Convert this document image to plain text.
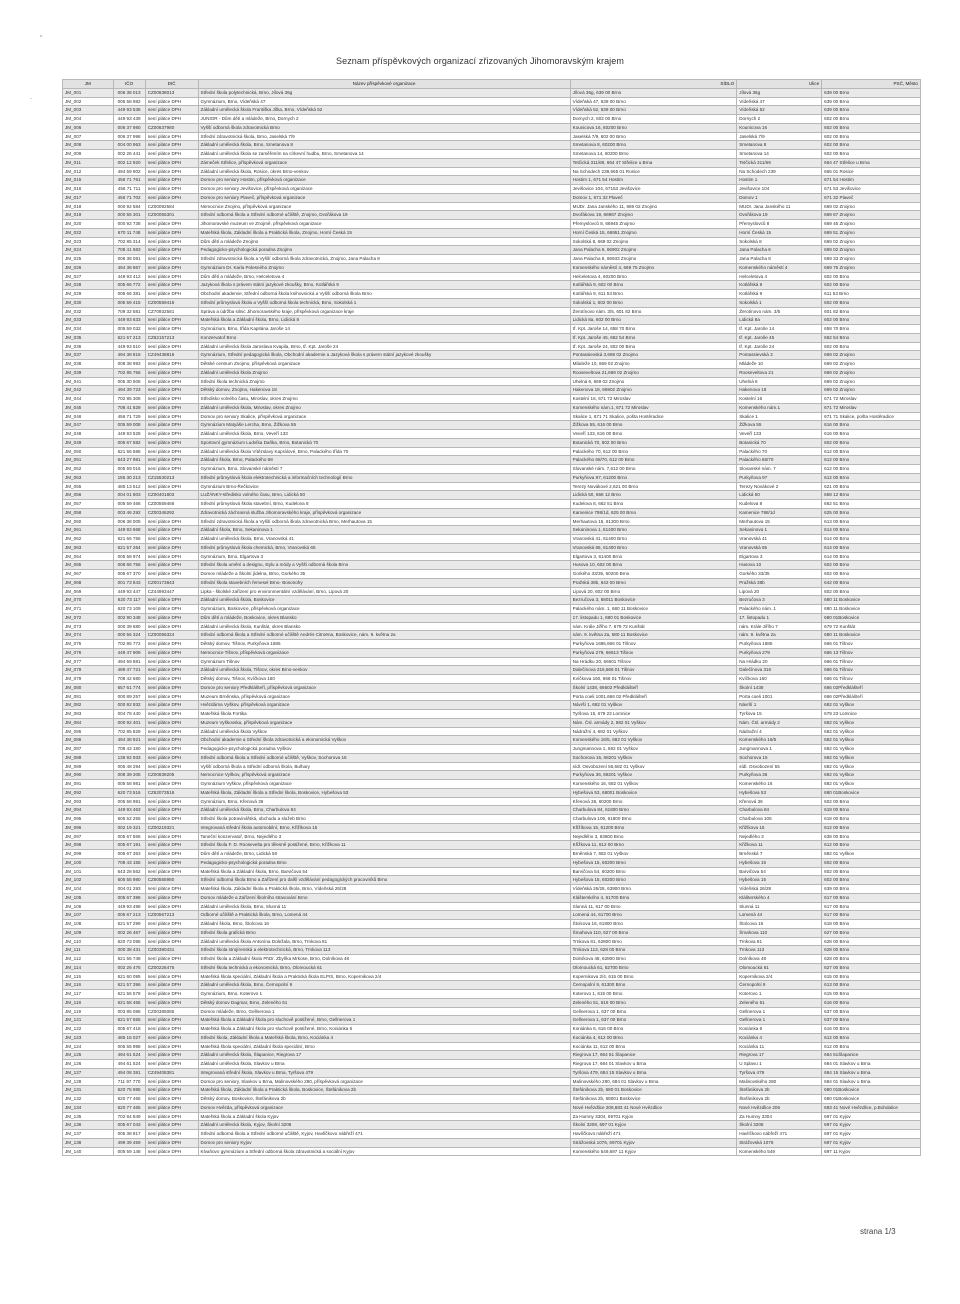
-
Seznam příspěvkových organizací zřizovaných Jihomoravským krajem
JM	IČO	DIČ	Název příspěvkové organizace	SÍDLO	Ulice	PSČ, Město
JM_001	006 38 013	CZ00638013	Střední škola polytechnická, Brno, Jílová 36g	Jílová 36g, 639 00 Brno	Jílová 36g	639 00 Brno
JM_002	005 58 982	není plátce DPH	Gymnázium, Brno, Vídeňská 47	Vídeňská 47, 639 00 Brno	Vídeňská 47	639 00 Brno
JM_003	449 93 536	není plátce DPH	Základní umělecká škola Františka Jílka, Brno, Vídeňská 52	Vídeňská 52, 639 00 Brno	Vídeňská 52	639 00 Brno
JM_004	449 93 439	není plátce DPH	JUNIOR - Dům dětí a mládeže, Brno, Dornych 2	Dornych 2, 602 00 Brno	Dornych 2	602 00 Brno
JM_006	006 37 980	CZ00637980	Vyšší odborná škola zdravotnická Brno	Kounicova 16, 60200 Brno	Kounicova 16	602 00 Brno
JM_007	006 37 998	není plátce DPH	Střední zdravotnická škola, Brno, Jaselská 7/9	Jaselská 7/9, 602 00 Brno	Jaselská 7/9	602 00 Brno
JM_008	004 00 963	není plátce DPH	Základní umělecká škola, Brno, Smetanova 8	Smetanova 8, 60200 Brno	Smetanova 8	602 00 Brno
JM_009	002 26 441	není plátce DPH	Základní umělecká škola se zaměřením na církevní hudbu, Brno, Smetanova 14	Smetanova 14, 60200 Brno	Smetanova 14	602 00 Brno
JM_011	002 12 920	není plátce DPH	Zámeček Střelice, příspěvková organizace	Tetčická 311/69, 664 47 Střelice u Brna	Tetčická 311/69	664 47 Střelice u Brna
JM_012	494 59 902	není plátce DPH	Základní umělecká škola, Rosice, okres Brno-venkov	Na Schodech 239,665 01 Rosice	Na Schodech 239	665 01 Rosice
JM_015	456 71 761	není plátce DPH	Domov pro seniory Hostim, příspěvková organizace	Hostim 1, 671 54 Hostim	Hostim 1	671 54 Hostim
JM_016	456 71 711	není plátce DPH	Domov pro seniory Jevišovice, příspěvková organizace	Jevišovice 104, 67153 Jevišovice	Jevišovice 104	671 53 Jevišovice
JM_017	456 71 702	není plátce DPH	Domov pro seniory Plaveč, příspěvková organizace	Domov 1, 671 32 Plaveč	Domov 1	671 32 Plaveč
JM_018	000 92 584	CZ00092584	Nemocnice Znojmo, příspěvková organizace	MUDr. Jana Janského 11, 669 02 Znojmo	MUDr. Jana Janského 11	669 02 Znojmo
JM_019	000 55 301	CZ00055301	Střední odborná škola a Střední odborné učiliště, Znojmo, Dvořákova 19	Dvořákova 19, 66967 Znojmo	Dvořákova 19	669 67 Znojmo
JM_020	000 92 738	není plátce DPH	Jihomoravské muzeum ve Znojmě, příspěvková organizace	Přemyslovců 8, 66945 Znojmo	Přemyslovců 8	669 45 Znojmo
JM_022	670 11 748	není plátce DPH	Mateřská škola, Základní škola a Praktická škola, Znojmo, Horní Česká 15	Horní Česká 15, 66951 Znojmo	Horní Česká 15	669 51 Znojmo
JM_023	702 85 314	není plátce DPH	Dům dětí a mládeže Znojmo	Sokolská 8, 669 02 Znojmo	Sokolská 8	669 02 Znojmo
JM_024	708 41 683	není plátce DPH	Pedagogicko-psychologická poradna Znojmo	Jana Palacha 6, 66902 Znojmo	Jana Palacha 6	669 02 Znojmo
JM_025	006 38 081	není plátce DPH	Střední zdravotnická škola a Vyšší odborná škola zdravotnická, Znojmo, Jana Palacha 8	Jana Palacha 8, 66933 Znojmo	Jana Palacha 8	669 33 Znojmo
JM_026	494 38 867	není plátce DPH	Gymnázium Dr. Karla Polesného Znojmo	Komenského náměstí 4, 669 75 Znojmo	Komenského náměstí 4	669 75 Znojmo
JM_027	449 93 412	není plátce DPH	Dům dětí a mládeže, Brno, Helceletova 4	Helceletova 4, 60200 Brno	Helceletova 4	602 00 Brno
JM_028	005 66 772	není plátce DPH	Jazyková škola s právem státní jazykové zkoušky, Brno, Kotlářská 9	Kotlářská 9, 602 00 Brno	Kotlářská 9	602 00 Brno
JM_029	005 66 381	není plátce DPH	Obchodní akademie, Střední odborná škola knihovnická a Vyšší odborná škola Brno	Kotlářská 9, 611 53 Brno	Kotlářská 9	611 53 Brno
JM_030	005 59 415	CZ00559415	Střední průmyslová škola a Vyšší odborná škola technická, Brno, Sokolská 1	Sokolská 1, 602 00 Brno	Sokolská 1	602 00 Brno
JM_032	709 32 581	CZ70932581	Správa a údržba silnic Jihomoravského kraje, příspěvková organizace kraje	Žerotínovo nám. 3/5, 601 82 Brno	Žerotínovo nám. 3/5	601 82 Brno
JM_033	449 93 633	není plátce DPH	Mateřská škola a Základní škola, Brno, Lidická 8	Lidická 8a, 602 00 Brno	Lidická 8a	602 00 Brno
JM_034	005 59 032	není plátce DPH	Gymnázium, Brno, třída Kapitána Jaroše 14	tř. Kpt. Jaroše 14, 658 70 Brno	tř. Kpt. Jaroše 14	658 70 Brno
JM_035	621 57 213	CZ62157213	Konzervatoř Brno	tř. Kpt. Jaroše 45, 662 54 Brno	tř. Kpt. Jaroše 45	662 54 Brno
JM_036	449 93 510	není plátce DPH	Základní umělecká škola Jaroslava Kvapila, Brno, tř. Kpt. Jaroše 24	tř. Kpt. Jaroše 24, 602 00 Brno	tř. Kpt. Jaroše 24	602 00 Brno
JM_037	494 38 816	CZ49438816	Gymnázium, Střední pedagogická škola, Obchodní akademie a Jazyková škola s právem státní jazykové zkoušky	Pontassievská 3,669 02 Znojmo	Pontassievská 3	669 02 Znojmo
JM_038	008 38 993	není plátce DPH	Dětské centrum Znojmo, příspěvková organizace	Mládeže 10, 669 02 Znojmo	Mládeže 10	669 02 Znojmo
JM_039	702 85 756	není plátce DPH	Základní umělecká škola Znojmo	Rooseveltova 21,669 02 Znojmo	Rooseveltova 21	669 02 Znojmo
JM_041	005 30 506	není plátce DPH	Střední škola technická Znojmo	Uhelná 6, 669 02 Znojmo	Uhelná 6	669 02 Znojmo
JM_042	494 39 723	není plátce DPH	Dětský domov, Znojmo, Hakenova 18	Hakenova 18, 66902 Znojmo	Hakenova 18	669 02 Znojmo
JM_044	702 85 306	není plátce DPH	Středisko volného času, Miroslav, okres Znojmo	Kostelní 16, 671 72 Miroslav	Kostelní 16	671 72 Miroslav
JM_045	708 41 829	není plátce DPH	Základní umělecká škola, Miroslav, okres Znojmo	Komenského nám.1, 671 72 Miroslav	Komenského nám.1	671 72 Miroslav
JM_046	456 71 729	není plátce DPH	Domov pro seniory Skalice, příspěvková organizace	Skalice 1, 671 71 Skalice, pošta Hostěradice	Skalice 1	671 71 Skalice, pošta Hostěradice
JM_047	005 59 008	není plátce DPH	Gymnázium Matyáše Lercha, Brno, Žižkova 55	Žižkova 55, 616 00 Brno	Žižkova 55	616 00 Brno
JM_048	449 93 528	není plátce DPH	Základní umělecká škola, Brno, Veveří 133	Veveří 133, 616 00 Brno	Veveří 133	616 00 Brno
JM_049	005 67 582	není plátce DPH	Sportovní gymnázium Ludvíka Daňka, Brno, Botanická 70	Botanická 70, 602 00 Brno	Botanická 70	602 00 Brno
JM_050	621 56 586	není plátce DPH	Základní umělecká škola Vítězslavy Kaprálové, Brno, Palackého třída 70	Palackého 70, 612 00 Brno	Palackého 70	612 00 Brno
JM_051	643 27 981	není plátce DPH	Základní škola, Brno, Palackého 68	Palackého 68/70, 612 00 Brno	Palackého 68/70	612 00 Brno
JM_052	005 59 016	není plátce DPH	Gymnázium, Brno, Slovanské náměstí 7	Slovanské nám. 7,612 00 Brno	Slovanské nám. 7	612 00 Brno
JM_053	155 30 213	CZ15530213	Střední průmyslová škola elektrotechnická a informačních technologií Brno	Purkyňova 97, 61200 Brno	Purkyňova 97	612 00 Brno
JM_055	485 13 512	není plátce DPH	Gymnázium Brno-Řečkovice	Terezy Novákové 2,621 00 Brno	Terezy Novákové 2	621 00 Brno
JM_056	004 01 803	CZ00401803	LUŽÁNKY-středisko volného času, Brno, Lidická 50	Lidická 50, 658 12 Brno	Lidická 50	658 12 Brno
JM_057	005 59 466	CZ00559466	Střední průmyslová škola stavební, Brno, Kudelova 8	Kudelova 8, 662 51 Brno	Kudelova 8	662 51 Brno
JM_058	003 46 292	CZ00346292	Zdravotnická záchranná služba Jihomoravského kraje, příspěvková organizace	Kamenice 798/1d, 625 00 Brno	Kamenice 798/1d	625 00 Brno
JM_060	006 38 005	není plátce DPH	Střední zdravotnická škola a Vyšší odborná škola zdravotnická Brno, Merhautova 15	Merhautova 15, 61300 Brno	Merhautova 15	613 00 Brno
JM_061	449 93 668	není plátce DPH	Základní škola, Brno, Sekaninova 1	Sekaninova 1, 61400 Brno	Sekaninova 1	614 00 Brno
JM_062	621 56 756	není plátce DPH	Základní umělecká škola, Brno, Vranovská 41	Vranovská 41, 61400 Brno	Vranovská 41	614 00 Brno
JM_063	621 57 264	není plátce DPH	Střední průmyslová škola chemická, Brno, Vranovská 65	Vranovská 65, 61400 Brno	Vranovská 65	614 00 Brno
JM_064	005 58 974	není plátce DPH	Gymnázium, Brno, Elgartova 3	Elgartova 3, 61400 Brno	Elgartova 3	614 00 Brno
JM_065	006 66 756	není plátce DPH	Střední škola umění a designu, stylu a módy a Vyšší odborná škola Brno	Husova 10, 602 00 Brno	Husova 10	602 00 Brno
JM_067	005 67 370	není plátce DPH	Domov mládeže a Školní jídelna, Brno, Gorkého 35	Gorkého 33/35, 60200 Brno	Gorkého 33/35	602 00 Brno
JM_068	001 73 843	CZ00173843	Střední škola stavebních řemesel Brno- Bosonohy	Pražská 38b, 642 00 Brno	Pražská 38b	642 00 Brno
JM_069	449 93 447	CZ44993447	Lipka - školské zařízení pro environmentální vzdělávání, Brno, Lipová 20	Lipová 20, 602 00 Brno	Lipová 20	602 00 Brno
JM_070	620 73 117	není plátce DPH	Základní umělecká škola, Boskovice	Bezručova 3, 68011 Boskovice	Bezručova 3	680 11 Boskovice
JM_071	620 73 109	není plátce DPH	Gymnázium, Boskovice, příspěvková organizace	Palackého nám. 1, 680 11 Boskovice	Palackého nám. 1	680 11 Boskovice
JM_072	002 90 348	není plátce DPH	Dům dětí a mládeže, Boskovice, okres Blansko	17. listopadu 1, 680 01 Boskovice	17. listopadu 1	680 01Boskovice
JM_073	000 39 680	není plátce DPH	Základní umělecká škola, Kunštát, okres Blansko	nám. Krále Jiřího 7, 679 72 Kunštát	nám. Krále Jiřího 7	679 72 Kunštát
JM_074	000 56 324	CZ00056324	Střední odborná škola a Střední odborné učiliště Andrés Citroëna, Boskovice, nám. 9. května 2a	nám. 9. května 2a, 680 11 Boskovice	nám. 9. května 2a	680 11 Boskovice
JM_075	702 85 772	není plátce DPH	Dětský domov, Tišnov, Purkyňova 1685	Purkyňova 1685,666 01 Tišnov	Purkyňova 1685	666 01 Tišnov
JM_076	449 47 909	není plátce DPH	Nemocnice Tišnov, příspěvková organizace	Purkyňova 279, 66613 Tišnov	Purkyňova 279	666 13 Tišnov
JM_077	494 59 881	není plátce DPH	Gymnázium Tišnov	Na Hrádku 20, 66601 Tišnov	Na Hrádku 20	666 01 Tišnov
JM_078	489 47 721	není plátce DPH	Základní umělecká škola, Tišnov, okres Brno-venkov	Dalečínova 316,666 01 Tišnov	Dalečínova 316	666 01 Tišnov
JM_079	708 42 680	není plátce DPH	Dětský domov, Tišnov, Kvíčkova 160	Kvíčkova 160, 666 01 Tišnov	Kvíčkova 160	666 01 Tišnov
JM_080	657 61 774	není plátce DPH	Domov pro seniory Předklášteří, příspěvková organizace	Školní 1438, 66602 Předklášteří	Školní 1438	666 02Předklášteří
JM_081	000 89 257	není plátce DPH	Muzeum Brněnska, příspěvková organizace	Porta coeli 1001,666 02 Předklášteří	Porta coeli 1001	666 02Předklášteří
JM_082	000 92 932	není plátce DPH	Hvězdárna Vyškov, příspěvková organizace	Návrší 1, 682 01 Vyškov	Návrší 1	682 01 Vyškov
JM_083	004 78 440	není plátce DPH	Mateřská škola Fortika	Tyršova 15, 679 23 Lomnice	Tyršova 15	679 23 Lomnice
JM_084	000 92 401	není plátce DPH	Muzeum Vyškovska, příspěvková organizace	Nám. Čsl. armády 2, 682 01 Vyškov	Nám. Čsl. armády 2	682 01 Vyškov
JM_085	702 85 829	není plátce DPH	Základní umělecká škola Vyškov	Nádražní 4, 682 01 Vyškov	Nádražní 4	682 01 Vyškov
JM_086	494 38 921	není plátce DPH	Obchodní akademie a Střední škola zdravotnická a ekonomická Vyškov	Komenského 16/5, 682 01 Vyškov	Komenského 16/5	682 01 Vyškov
JM_087	708 43 180	není plátce DPH	Pedagogicko-psychologická poradna Vyškov	Jungmannova 1, 682 01 Vyškov	Jungmannova 1	682 01 Vyškov
JM_088	136 92 933	není plátce DPH	Střední odborná škola a Střední odborné učiliště, Vyškov, Sochorova 15	Sochorova 15, 68201 Vyškov	Sochorova 15	682 01 Vyškov
JM_089	005 48 294	není plátce DPH	Vyšší odborná škola a Střední odborná škola, Bulhary	sídl. Osvobození 55,682 01 Vyškov	sídl. Osvobození 55	682 01 Vyškov
JM_090	008 39 205	CZ00839205	Nemocnice Vyškov, příspěvková organizace	Purkyňova 36, 68201 Vyškov	Purkyňova 36	682 01 Vyškov
JM_091	005 58 981	není plátce DPH	Gymnázium Vyškov, příspěvková organizace	Komenského 16, 682 01 Vyškov	Komenského 16	682 01 Vyškov
JM_092	620 73 516	CZ62073516	Mateřská škola, Základní škola a Střední škola, Boskovice, Hybešova 53	Hybešova 53, 68001 Boskovice	Hybešova 53	680 01Boskovice
JM_093	005 58 991	není plátce DPH	Gymnázium, Brno, Křenová 36	Křenová 36, 60200 Brno	Křenová 36	602 00 Brno
JM_094	449 93 463	není plátce DPH	Základní umělecká škola, Brno, Charbulova 84	Charbulova 84, 61800 Brno	Charbulova 84	618 00 Brno
JM_095	605 52 255	není plátce DPH	Střední škola potravinářská, obchodu a služeb Brno	Charbulova 106, 61800 Brno	Charbulova 106	618 00 Brno
JM_096	002 19 321	CZ00219321	Integrovaná střední škola automobilní, Brno, Křižíkova 15	Křižíkova 15, 61200 Brno	Křižíkova 15	612 00 Brno
JM_097	005 67 566	není plátce DPH	Taneční konzervatoř, Brno, Nejedlého 3	Nejedlého 3, 63800 Brno	Nejedlého 3	638 00 Brno
JM_098	005 67 191	není plátce DPH	Střední škola F. D. Roosevelta pro tělesně postižené, Brno, Křižkova 11	Křižkova 11, 612 00 Brno	Křižkova 11	612 00 Brno
JM_099	005 67 353	není plátce DPH	Dům dětí a mládeže, Brno, Lidická 50	Brněnská 7, 682 01 Vyškov	Brněnská 7	682 01 Vyškov
JM_100	708 43 155	není plátce DPH	Pedagogicko-psychologická poradna Brno	Hybešova 15, 60200 Brno	Hybešova 15	602 00 Brno
JM_101	643 28 562	není plátce DPH	Mateřská škola a Základní škola, Brno, Barvičova 54	Barvičova 54, 60200 Brno	Barvičova 54	602 00 Brno
JM_102	605 55 980	CZ60555980	Střední odborná škola Brno a Zařízení pro další vzdělávání pedagogických pracovníků Brno	Hybešova 15, 60200 Brno	Hybešova 15	602 00 Brno
JM_104	004 01 293	není plátce DPH	Mateřská škola, Základní škola a Praktická škola, Brno, Vídeňská 26/28	Vídeňská 26/28, 63900 Brno	Vídeňská 26/28	639 00 Brno
JM_105	005 67 396	není plátce DPH	Domov mládeže a Zařízení školního stravování Brno	Klášterského 4, 61700 Brno	Klášterského 4	617 00 Brno
JM_106	449 93 498	není plátce DPH	Základní umělecká škola, Brno, Slunná 11	Slunná 11, 617 00 Brno	Slunná 11	617 00 Brno
JM_107	005 67 213	CZ00567213	Odborné učiliště a Praktická škola, Brno, Lomená 44	Lomená 44, 61700 Brno	Lomená 44	617 00 Brno
JM_108	621 57 299	není plátce DPH	Základní škola, Brno, Štolcova 16	Štolcova 16, 61800 Brno	Štolcova 16	618 00 Brno
JM_109	002 26 467	není plátce DPH	Střední škola grafická Brno	Šmahova 110, 627 00 Brno	Šmahova 110	627 00 Brno
JM_110	620 73 095	není plátce DPH	Základní umělecká škola Antonína Doležala, Brno, Trnkova 81	Trnkova 81, 62800 Brno	Trnkova 81	628 00 Brno
JM_111	000 38 431	CZ00380431	Střední škola strojírenská a elektrotechnická, Brno, Trnkova 113	Trnkova 113, 628 00 Brno	Trnkova 113	628 00 Brno
JM_112	621 56 748	není plátce DPH	Střední škola a Základní škola PhDr. Zbyňka Mrkose, Brno, Dolníkova 48	Dolníkova 48, 62800 Brno	Dolníkova 48	628 00 Brno
JM_114	002 26 475	CZ00226475	Střední škola technická a ekonomická, Brno, Olomoucká 61	Olomoucká 61, 62700 Brno	Olomoucká 61	627 00 Brno
JM_115	621 60 095	není plátce DPH	Mateřská škola speciální, Základní škola a Praktická škola ELPIS, Brno, Kopernikova 2/4	Kopernikova 2/4, 615 00 Brno	Kopernikova 2/4	615 00 Brno
JM_116	621 57 396	není plátce DPH	Základní umělecká škola, Brno, Černopolní 9	Černopolní 9, 61300 Brno	Černopolní 9	613 00 Brno
JM_117	621 56 578	není plátce DPH	Gymnázium, Brno, Koterovo 1	Koterovo 1, 615 00 Brno	Koterovo 1	615 00 Brno
JM_118	621 58 465	není plátce DPH	Dětský domov Dagmar, Brno, Zeleného 51	Zeleného 51, 616 00 Brno	Zeleného 51	616 00 Brno
JM_119	003 85 085	CZ00385085	Domov mládeže, Brno, Gellnerova 1	Gellnerova 1, 637 00 Brno	Gellnerova 1	637 00 Brno
JM_121	621 57 655	není plátce DPH	Mateřská škola a Základní škola pro sluchově postižené, Brno, Gellnerova 1	Gellnerova 1, 637 00 Brno	Gellnerova 1	637 00 Brno
JM_122	005 67 418	není plátce DPH	Mateřská škola a Základní škola pro sluchově postižené, Brno, Koniánka 6	Koniánka 6, 616 00 Brno	Koniánka 6	616 00 Brno
JM_123	485 15 027	není plátce DPH	Střední škola, Základní škola a Mateřská škola, Brno, Kociánka 4	Kociánka 4, 612 00 Brno	Kociánka 4	612 00 Brno
JM_124	005 55 998	není plátce DPH	Mateřská škola speciální, Základní škola speciální, Brno	Kociánka 11, 612 00 Brno	Kociánka 11	612 00 Brno
JM_125	494 61 524	není plátce DPH	Základní umělecká škola, Šlapanice, Riegrova 17	Riegrova 17, 664 51 Šlapanice	Riegrova 17	664 51Šlapanice
JM_126	494 61 524	není plátce DPH	Základní umělecká škola, Slavkov u Brna	Riegrova 17, 684 01 Slavkov u Brna	U Splavu 1	684 01 Slavkov u Brna
JM_127	494 08 381	CZ49408381	Integrovaná střední škola, Slavkov u Brna, Tyršova 479	Tyršova 479, 684 15 Slavkov u Brna	Tyršova 479	684 15 Slavkov u Brna
JM_128	711 97 770	není plátce DPH	Domov pro seniory, Slavkov u Brna, Malinovského 280, příspěvková organizace	Malinovského 280, 684 01 Slavkov u Brna	Malinovského 280	684 01 Slavkov u Brna
JM_131	620 75 985	není plátce DPH	Mateřská škola, Základní škola a Praktická škola, Boskovice, Štefánikova 2b	Štefánikova 2b, 680 01 Boskovice	Štefánikova 2b	680 01Boskovice
JM_132	620 77 465	není plátce DPH	Dětský domov, Boskovice, Štefánikova 2b	Štefánikova 2b, 68001 Boskovice	Štefánikova 2b	680 01Boskovice
JM_134	620 77 465	není plátce DPH	Domov Hvězda, příspěvková organizace	Nové Hvězdlice 206,683 41 Nové Hvězdlice	Nové Hvězdlice 206	683 41 Nové Hvězdlice, p.Bohdalice
JM_135	702 84 849	není plátce DPH	Mateřská škola a Základní škola Kyjov	Za Humny 3304, 69701 Kyjov	Za Humny 3304	697 01 Kyjov
JM_136	005 67 043	není plátce DPH	Základní umělecká škola, Kyjov, Školní 3208	Školní 3208, 697 01 Kyjov	Školní 3208	697 01 Kyjov
JM_137	005 38 817	není plátce DPH	Střední odborná škola a Střední odborné učiliště, Kyjov, Havlíčkovo nábřeží 471	Havlíčkovo nábřeží 471	Havlíčkovo nábřeží 471	697 01 Kyjov
JM_138	499 39 459	není plátce DPH	Domov pro seniory Kyjov	Strážovská 1076, 69701 Kyjov	Strážovská 1076	697 01 Kyjov
JM_140	005 59 148	není plátce DPH	Klvaňovo gymnázium a Střední odborná škola zdravotnická a sociální Kyjov	Komenského 549,697 11 Kyjov	Komenského 549	697 11 Kyjov
strana 1/3
